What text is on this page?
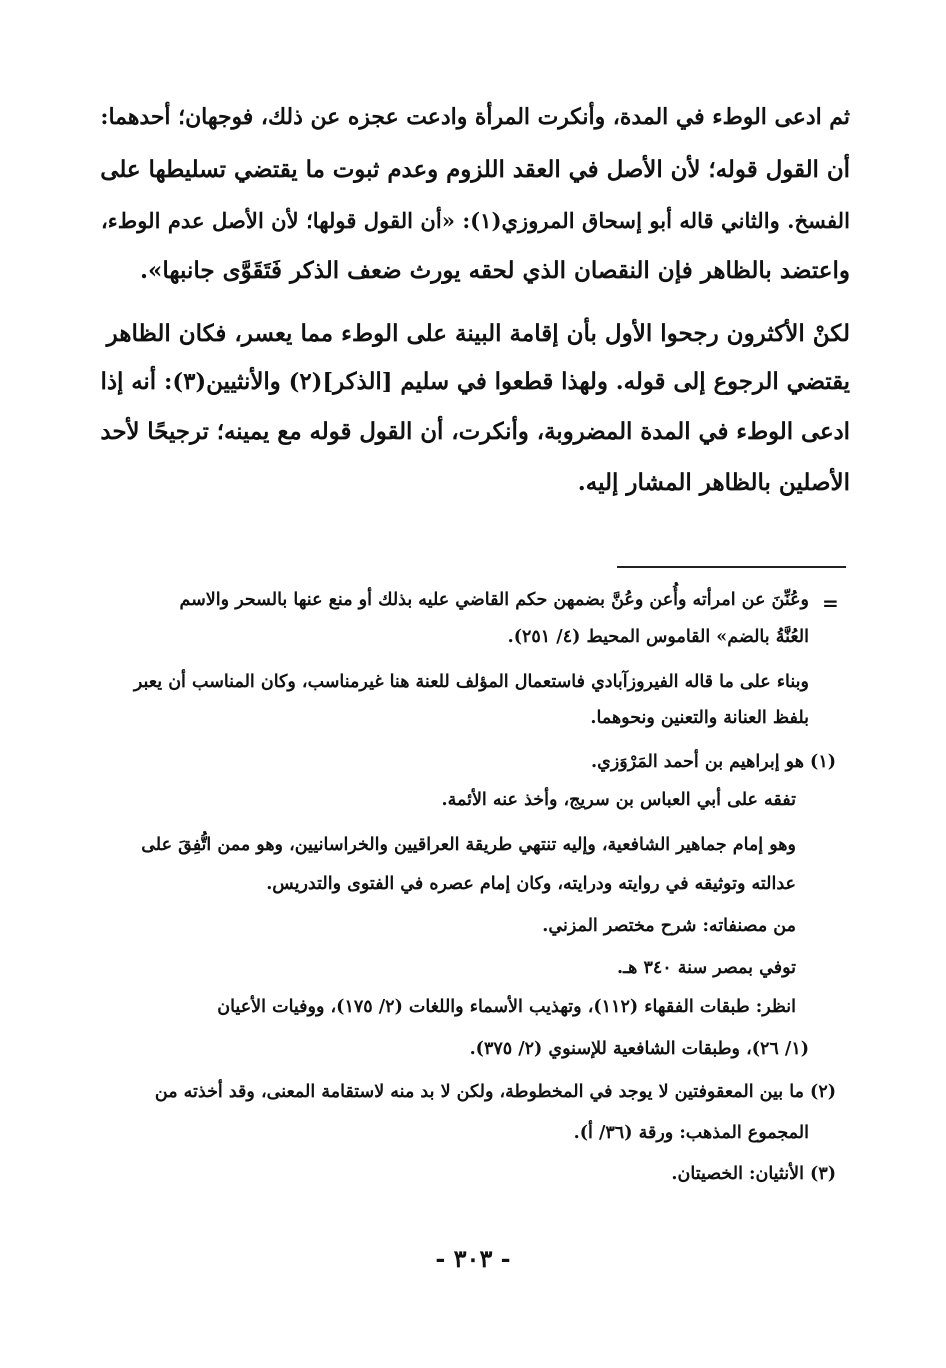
ثم ادعى الوطء في المدة، وأنكرت المرأة وادعت عجزه عن ذلك، فوجهان؛ أحدهما:
أن القول قوله؛ لأن الأصل في العقد اللزوم وعدم ثبوت ما يقتضي تسليطها على
الفسخ. والثاني قاله أبو إسحاق المروزي(١): «أن القول قولها؛ لأن الأصل عدم الوطء،
واعتضد بالظاهر فإن النقصان الذي لحقه يورث ضعف الذكر فَتَقَوَّى جانبها».
لكنْ الأكثرون رجحوا الأول بأن إقامة البينة على الوطء مما يعسر، فكان الظاهر
يقتضي الرجوع إلى قوله. ولهذا قطعوا في سليم [الذكر](٢) والأنثيين(٣): أنه إذا
ادعى الوطء في المدة المضروبة، وأنكرت، أن القول قوله مع يمينه؛ ترجيحًا لأحد
الأصلين بالظاهر المشار إليه.
=
وعُنِّنَ عن امرأته وأُعن وعُنَّ بضمهن حكم القاضي عليه بذلك أو منع عنها بالسحر والاسم
العُنَّةُ بالضم» القاموس المحيط (٤/ ٢٥١).
وبناء على ما قاله الفيروزآبادي فاستعمال المؤلف للعنة هنا غيرمناسب، وكان المناسب أن يعبر
بلفظ العنانة والتعنين ونحوهما.
(١) هو إبراهيم بن أحمد المَرْوَزي.
تفقه على أبي العباس بن سريج، وأخذ عنه الأئمة.
وهو إمام جماهير الشافعية، وإليه تنتهي طريقة العراقيين والخراسانيين، وهو ممن اتُّفِقَ على
عدالته وتوثيقه في روايته ودرايته، وكان إمام عصره في الفتوى والتدريس.
من مصنفاته: شرح مختصر المزني.
توفي بمصر سنة ٣٤٠ هـ.
انظر: طبقات الفقهاء (١١٢)، وتهذيب الأسماء واللغات (٢/ ١٧٥)، ووفيات الأعيان
(١/ ٢٦)، وطبقات الشافعية للإسنوي (٢/ ٣٧٥).
(٢) ما بين المعقوفتين لا يوجد في المخطوطة، ولكن لا بد منه لاستقامة المعنى، وقد أخذته من
المجموع المذهب: ورقة (٣٦/ أ).
(٣) الأنثيان: الخصيتان.
- ٣٠٣ -
